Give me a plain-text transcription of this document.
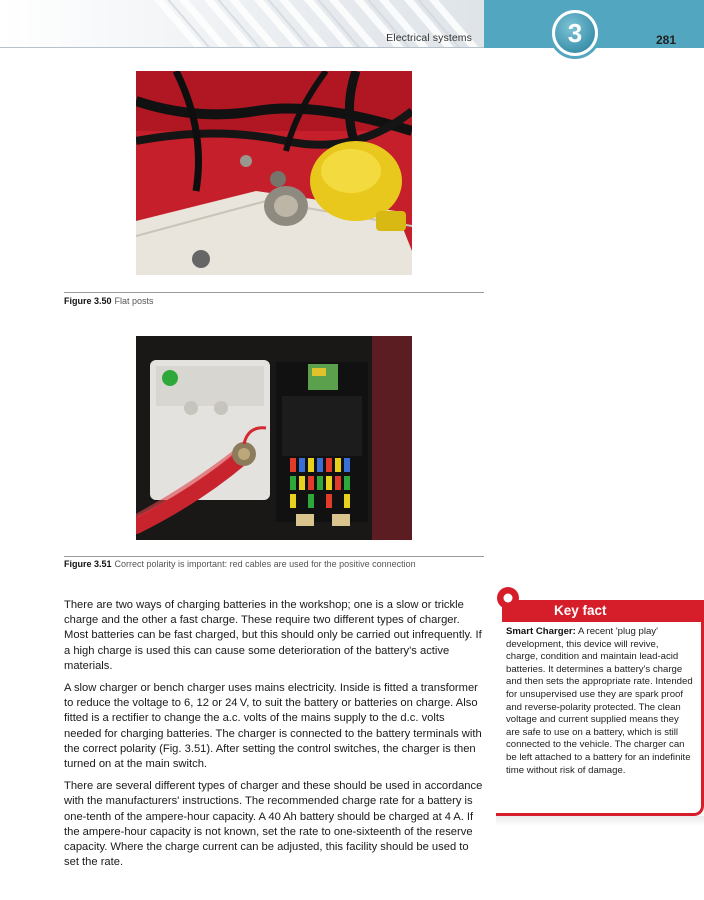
Electrical systems	3	281
Figure 3.50 Flat posts
Figure 3.51 Correct polarity is important: red cables are used for the positive connection

There are two ways of charging batteries in the workshop; one is a slow or trickle charge and the other a fast charge. These require two different types of charger. Most batteries can be fast charged, but this should only be carried out infrequently. If a high charge is used this can cause some deterioration of the battery's active materials.

A slow charger or bench charger uses mains electricity. Inside is fitted a transformer to reduce the voltage to 6, 12 or 24 V, to suit the battery or batteries on charge. Also fitted is a rectifier to change the a.c. volts of the mains supply to the d.c. volts needed for charging batteries. The charger is connected to the battery terminals with the correct polarity (Fig. 3.51). After setting the control switches, the charger is then turned on at the main switch.

There are several different types of charger and these should be used in accordance with the manufacturers' instructions. The recommended charge rate for a battery is one-tenth of the ampere-hour capacity. A 40 Ah battery should be charged at 4 A. If the ampere-hour capacity is not known, set the rate to one-sixteenth of the reserve capacity. Where the charge current can be adjusted, this facility should be used to set the rate.

Key fact
Smart Charger: A recent 'plug play' development, this device will revive, charge, condition and maintain lead-acid batteries. It determines a battery's charge and then sets the appropriate rate. Intended for unsupervised use they are spark proof and reverse-polarity protected. The clean voltage and current supplied means they are safe to use on a battery, which is still connected to the vehicle. The charger can be left attached to a battery for an indefinite time without risk of damage.
